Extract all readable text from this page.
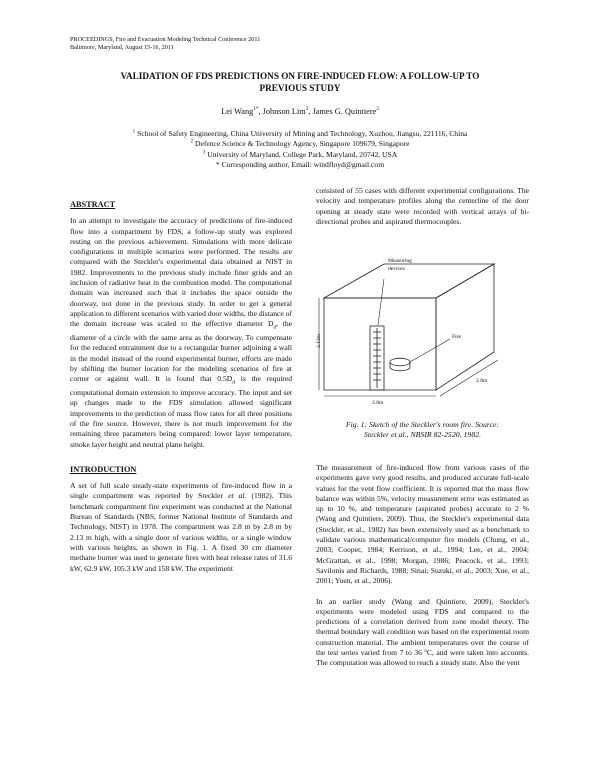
PROCEEDINGS, Fire and Evacuation Modeling Technical Conference 2011
Baltimore, Maryland, August 15-16, 2011
VALIDATION OF FDS PREDICTIONS ON FIRE-INDUCED FLOW: A FOLLOW-UP TO
PREVIOUS STUDY
Lei Wang$^{1*}$, Johnson Lim$^2$, James G. Quintiere$^3$
$^1$ School of Safety Engineering, China University of Mining and Technology, Xuzhou, Jiangsu, 221116, China
$^2$ Defence Science & Technology Agency, Singapore 109679, Singapore
$^3$ University of Maryland, College Park, Maryland, 20742, USA
* Corresponding author, Email: windfloyd@gmail.com
ABSTRACT

In an attempt to investigate the accuracy of predictions of fire-induced flow into a compartment by FDS, a follow-up study was explored resting on the previous achievement. Simulations with more delicate configurations in multiple scenarios were performed. The results are compared with the Steckler's experimental data obtained at NIST in 1982. Improvements to the previous study include finer grids and an inclusion of radiative heat in the combustion model. The computational domain was increased such that it includes the space outside the doorway, not done in the previous study. In order to get a general application to different scenarios with varied door widths, the distance of the domain increase was scaled to the effective diameter $D_d$, the diameter of a circle with the same area as the doorway. To compensate for the reduced entrainment due to a rectangular burner adjoining a wall in the model instead of the round experimental burner, efforts are made by shifting the burner location for the modeling scenarios of fire at corner or against wall. It is found that $0.5D_d$ is the required computational domain extension to improve accuracy. The input and set up changes made to the FDS simulation allowed significant improvements to the prediction of mass flow rates for all three positions of the fire source. However, there is not much improvement for the remaining three parameters being compared: lower layer temperature, smoke layer height and neutral plane height.

INTRODUCTION

A set of full scale steady-state experiments of fire-induced flow in a single compartment was reported by Steckler et al. (1982). This benchmark compartment fire experiment was conducted at the National Bureau of Standards (NBS, former National Institute of Standards and Technology, NIST) in 1978. The compartment was 2.8 m by 2.8 m by 2.13 m high, with a single door of various widths, or a single window with various heights, as shown in Fig. 1. A fixed 30 cm diameter methane burner was used to generate fires with heat release rates of 31.6 kW, 62.9 kW, 105.3 kW and 158 kW. The experiment

consisted of 55 cases with different experimental configurations. The velocity and temperature profiles along the centerline of the door opening at steady state were recorded with vertical arrays of bi-directional probes and aspirated thermocouples.

Measuring
devices
Fire
2.13m
2.8m
2.8m
Fig. 1: Sketch of the Steckler's room fire. Source:
Steckler et al., NBSIR 82-2520, 1982.

The measurement of fire-induced flow from various cases of the experiments gave very good results, and produced accurate full-scale values for the vent flow coefficient. It is reported that the mass flow balance was within 5%, velocity measurement error was estimated as up to 10 %, and temperature (aspirated probes) accurate to 2 % (Wang and Quintiere, 2009). Thus, the Steckler's experimental data (Steckler, et al., 1982) has been extensively used as a benchmark to validate various mathematical/computer fire models (Chung, et al., 2003; Cooper, 1984; Kerrison, et al., 1994; Lee, et al., 2004; McGrattan, et al., 1998; Morgan, 1986; Peacock, et al., 1993; Savilonis and Richards, 1988; Sinai; Suzuki, et al., 2003; Xue, et al., 2001; Yuen, et al., 2006).

In an earlier study (Wang and Quintiere, 2009), Steckler's experiments were modeled using FDS and compared to the predictions of a correlation derived from zone model theory. The thermal boundary wall condition was based on the experimental room construction material. The ambient temperatures over the course of the test series varied from 7 to 36 ºC, and were taken into accounts. The computation was allowed to reach a steady state. Also the vent
